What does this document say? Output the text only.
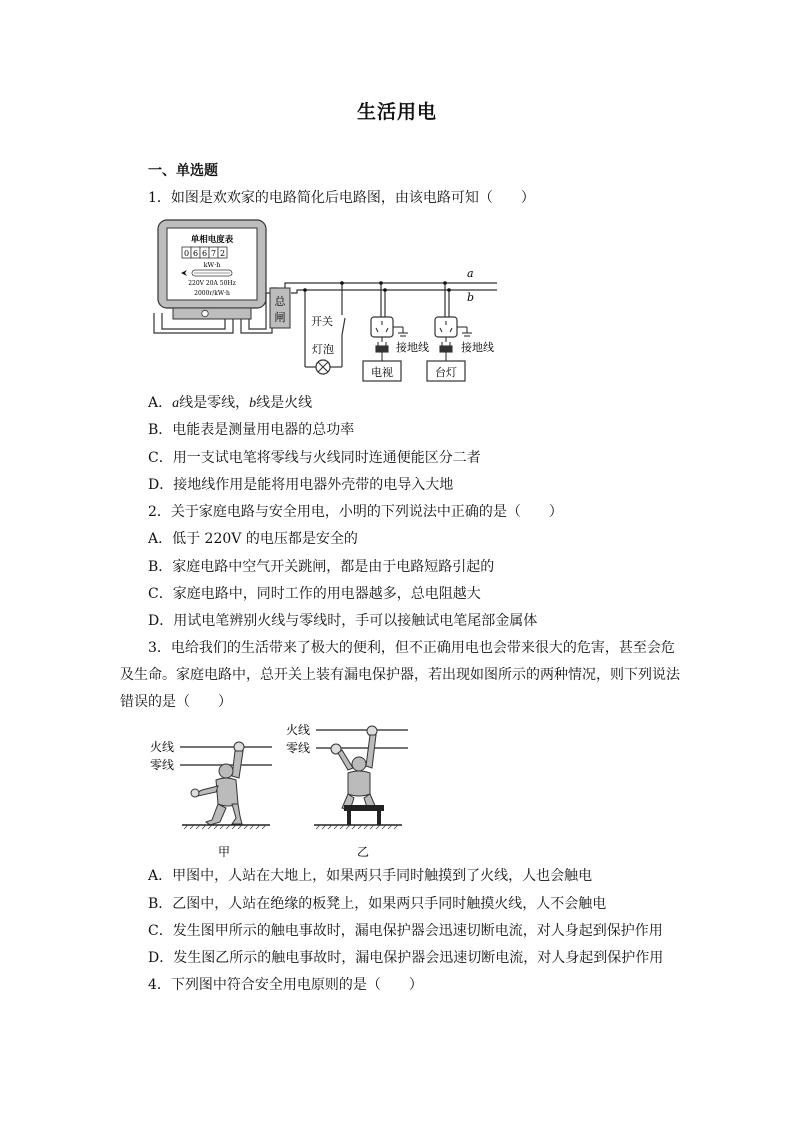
生活用电
一、单选题
1．如图是欢欢家的电路简化后电路图，由该电路可知（　　）
单相电度表
0 6 6 7 2
kW·h
220V 20A 50Hz
2000r/kW·h
总
闸
a
b
开关
灯泡	接地线
电视
接地线
台灯
A．a线是零线，b线是火线
B．电能表是测量用电器的总功率
C．用一支试电笔将零线与火线同时连通便能区分二者
D．接地线作用是能将用电器外壳带的电导入大地
2．关于家庭电路与安全用电，小明的下列说法中正确的是（　　）
A．低于 220V 的电压都是安全的
B．家庭电路中空气开关跳闸，都是由于电路短路引起的
C．家庭电路中，同时工作的用电器越多，总电阻越大
D．用试电笔辨别火线与零线时，手可以接触试电笔尾部金属体
3．电给我们的生活带来了极大的便利，但不正确用电也会带来很大的危害，甚至会危及生命。家庭电路中，总开关上装有漏电保护器，若出现如图所示的两种情况，则下列说法错误的是（　　）
火线
零线
甲
火线
零线
乙
A．甲图中，人站在大地上，如果两只手同时触摸到了火线，人也会触电
B．乙图中，人站在绝缘的板凳上，如果两只手同时触摸火线，人不会触电
C．发生图甲所示的触电事故时，漏电保护器会迅速切断电流，对人身起到保护作用
D．发生图乙所示的触电事故时，漏电保护器会迅速切断电流，对人身起到保护作用
4．下列图中符合安全用电原则的是（　　）
